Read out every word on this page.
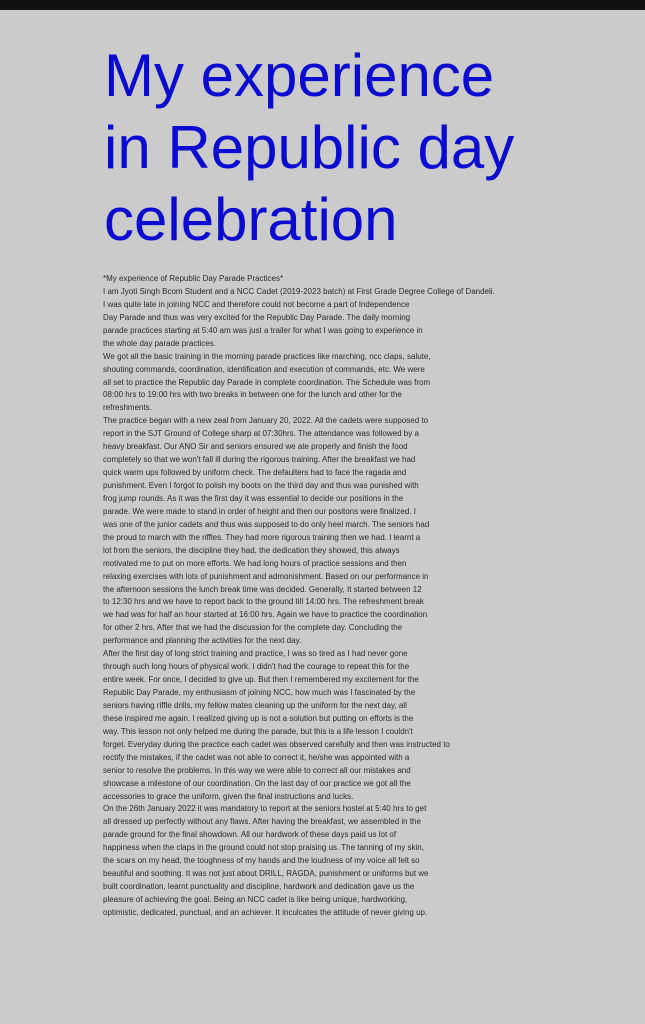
My experience
in Republic day
celebration
*My experience of Republic Day Parade Practices*
I am Jyoti Singh Bcom Student and a NCC Cadet (2019-2023 batch) at First Grade Degree College of Dandeli.
I was quite late in joining NCC and therefore could not become a part of Independence
Day Parade and thus was very excited for the Republic Day Parade. The daily morning
parade practices starting at 5:40 am was just a trailer for what I was going to experience in
the whole day parade practices.
We got all the basic training in the morning parade practices like marching, ncc claps, salute,
shouting commands, coordination, identification and execution of commands, etc. We were
all set to practice the Republic day Parade in complete coordination. The Schedule was from
08:00 hrs to 19:00 hrs with two breaks in between one for the lunch and other for the
refreshments.
The practice began with a new zeal from January 20, 2022. All the cadets were supposed to
report in the SJT Ground of College sharp at 07:30hrs. The attendance was followed by a
heavy breakfast. Our ANO Sir and seniors ensured we ate properly and finish the food
completely so that we won't fall ill during the rigorous training. After the breakfast we had
quick warm ups followed by uniform check. The defaulters had to face the ragada and
punishment. Even I forgot to polish my boots on the third day and thus was punished with
frog jump rounds. As it was the first day it was essential to decide our positions in the
parade. We were made to stand in order of height and then our positons were finalized. I
was one of the junior cadets and thus was supposed to do only heel march. The seniors had
the proud to march with the riffles. They had more rigorous training then we had. I learnt a
lot from the seniors, the discipline they had, the dedication they showed, this always
motivated me to put on more efforts. We had long hours of practice sessions and then
relaxing exercises with lots of punishment and admonishment. Based on our performance in
the afternoon sessions the lunch break time was decided. Generally, It started between 12
to 12:30 hrs and we have to report back to the ground till 14:00 hrs. The refreshment break
we had was for half an hour started at 16:00 hrs. Again we have to practice the coordination
for other 2 hrs. After that we had the discussion for the complete day. Concluding the
performance and planning the activities for the next day.
After the first day of long strict training and practice, I was so tired as I had never gone
through such long hours of physical work. I didn't had the courage to repeat this for the
entire week. For once, I decided to give up. But then I remembered my excitement for the
Republic Day Parade, my enthusiasm of joining NCC, how much was I fascinated by the
seniors having riffle drills, my fellow mates cleaning up the uniform for the next day, all
these inspired me again. I realized giving up is not a solution but putting on efforts is the
way. This lesson not only helped me during the parade, but this is a life lesson I couldn't
forget. Everyday during the practice each cadet was observed carefully and then was instructed to
rectify the mistakes, if the cadet was not able to correct it, he/she was appointed with a
senior to resolve the problems. In this way we were able to correct all our mistakes and
showcase a milestone of our coordination. On the last day of our practice we got all the
accessories to grace the uniform, given the final instructions and lucks.
On the 26th January 2022 it was mandatory to report at the seniors hostel at 5:40 hrs to get
all dressed up perfectly without any flaws. After having the breakfast, we assembled in the
parade ground for the final showdown. All our hardwork of these days paid us lot of
happiness when the claps in the ground could not stop praising us. The tanning of my skin,
the scars on my head, the toughness of my hands and the loudness of my voice all felt so
beautiful and soothing. It was not just about DRILL, RAGDA, punishment or uniforms but we
built coordination, learnt punctuality and discipline, hardwork and dedication gave us the
pleasure of achieving the goal. Being an NCC cadet is like being unique, hardworking,
optimistic, dedicated, punctual, and an achiever. It inculcates the attitude of never giving up.
